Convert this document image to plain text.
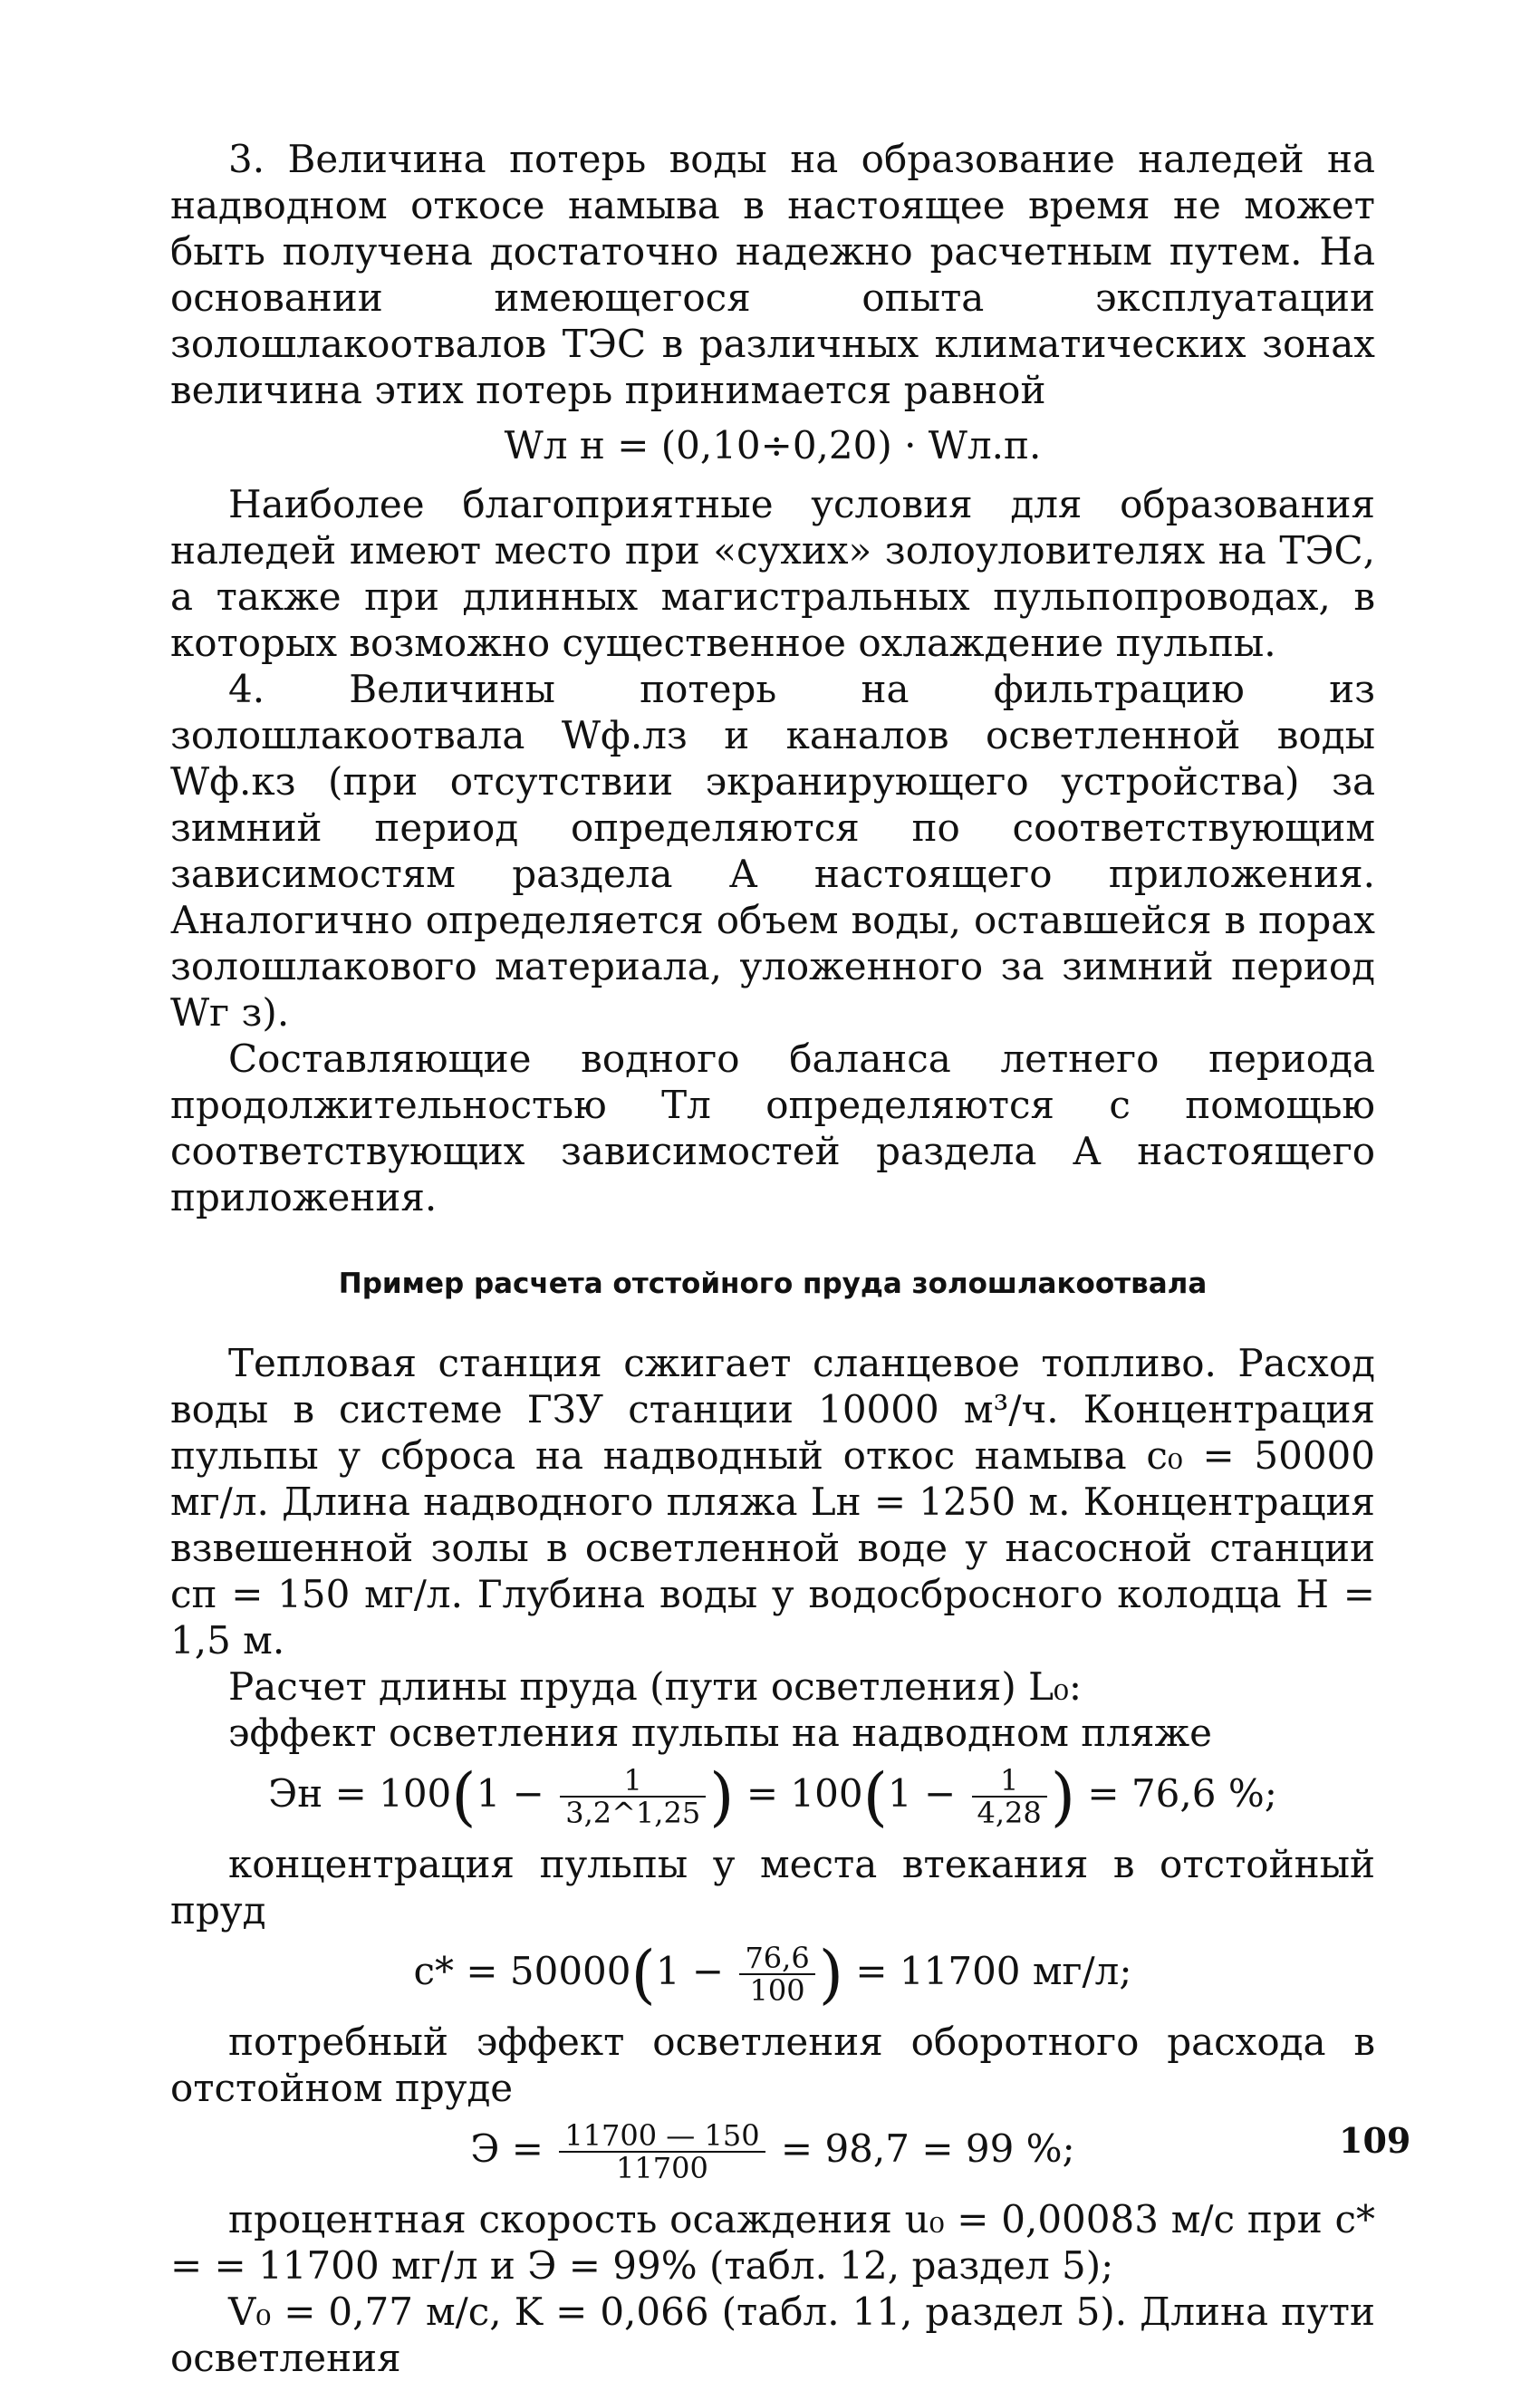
3. Величина потерь воды на образование наледей на надводном откосе намыва в настоящее время не может быть получена достаточно надежно расчетным путем. На основании имеющегося опыта эксплуатации золошлакоотвалов ТЭС в различных климатических зонах величина этих потерь принимается равной

Wл н = (0,10÷0,20) · Wл.п.

Наиболее благоприятные условия для образования наледей имеют место при «сухих» золоуловителях на ТЭС, а также при длинных магистральных пульпопроводах, в которых возможно существенное охлаждение пульпы.

4. Величины потерь на фильтрацию из золошлакоотвала Wф.лз и каналов осветленной воды Wф.кз (при отсутствии экранирующего устройства) за зимний период определяются по соответствующим зависимостям раздела А настоящего приложения. Аналогично определяется объем воды, оставшейся в порах золошлакового материала, уложенного за зимний период Wг з).

Составляющие водного баланса летнего периода продолжительностью Тл определяются с помощью соответствующих зависимостей раздела А настоящего приложения.

Пример расчета отстойного пруда золошлакоотвала

Тепловая станция сжигает сланцевое топливо. Расход воды в системе ГЗУ станции 10000 м³/ч. Концентрация пульпы у сброса на надводный откос намыва c₀ = 50000 мг/л. Длина надводного пляжа Lн = 1250 м. Концентрация взвешенной золы в осветленной воде у насосной станции cп = 150 мг/л. Глубина воды у водосбросного колодца H = 1,5 м.

Расчет длины пруда (пути осветления) L₀:

эффект осветления пульпы на надводном пляже

Эн = $100(1 - \frac{1}{3,2\^{}1,25}$ ) = $100(1 - \frac{1}{4,28}$ ) = 76,6 %;

концентрация пульпы у места втекания в отстойный пруд

$c* = 50000(1 - \frac{76,6}{100}$ ) = 11700 мг/л;

потребный эффект осветления оборотного расхода в отстойном пруде

$Э = \frac{11700 — 150}{11700} = 98,7 = 99$ %;

процентная скорость осаждения u₀ = 0,00083 м/с при c* = = 11700 мг/л и Э = 99% (табл. 12, раздел 5);

V₀ = 0,77 м/с, K = 0,066 (табл. 11, раздел 5). Длина пути осветления

109
